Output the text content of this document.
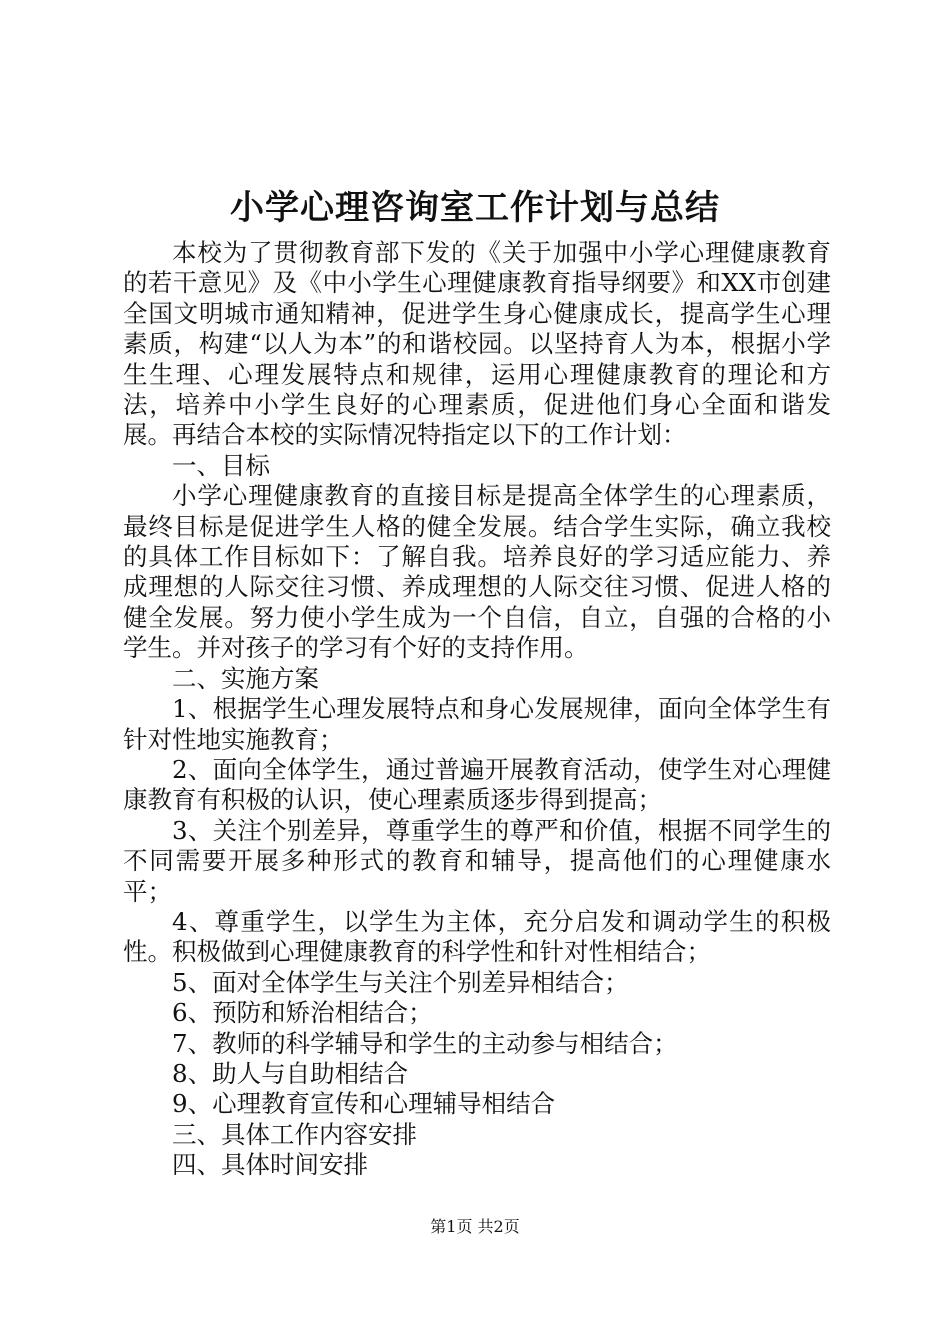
小学心理咨询室工作计划与总结

本校为了贯彻教育部下发的《关于加强中小学心理健康教育的若干意见》及《中小学生心理健康教育指导纲要》和XX市创建全国文明城市通知精神，促进学生身心健康成长，提高学生心理素质，构建“以人为本”的和谐校园。以坚持育人为本，根据小学生生理、心理发展特点和规律，运用心理健康教育的理论和方法，培养中小学生良好的心理素质，促进他们身心全面和谐发展。再结合本校的实际情况特指定以下的工作计划：

一、目标

小学心理健康教育的直接目标是提高全体学生的心理素质，最终目标是促进学生人格的健全发展。结合学生实际，确立我校的具体工作目标如下：了解自我。培养良好的学习适应能力、养成理想的人际交往习惯、养成理想的人际交往习惯、促进人格的健全发展。努力使小学生成为一个自信，自立，自强的合格的小学生。并对孩子的学习有个好的支持作用。

二、实施方案

1、根据学生心理发展特点和身心发展规律，面向全体学生有针对性地实施教育；

2、面向全体学生，通过普遍开展教育活动，使学生对心理健康教育有积极的认识，使心理素质逐步得到提高；

3、关注个别差异，尊重学生的尊严和价值，根据不同学生的不同需要开展多种形式的教育和辅导，提高他们的心理健康水平；

4、尊重学生，以学生为主体，充分启发和调动学生的积极性。积极做到心理健康教育的科学性和针对性相结合；

5、面对全体学生与关注个别差异相结合；

6、预防和矫治相结合；

7、教师的科学辅导和学生的主动参与相结合；

8、助人与自助相结合

9、心理教育宣传和心理辅导相结合

三、具体工作内容安排

四、具体时间安排

第1页 共2页
